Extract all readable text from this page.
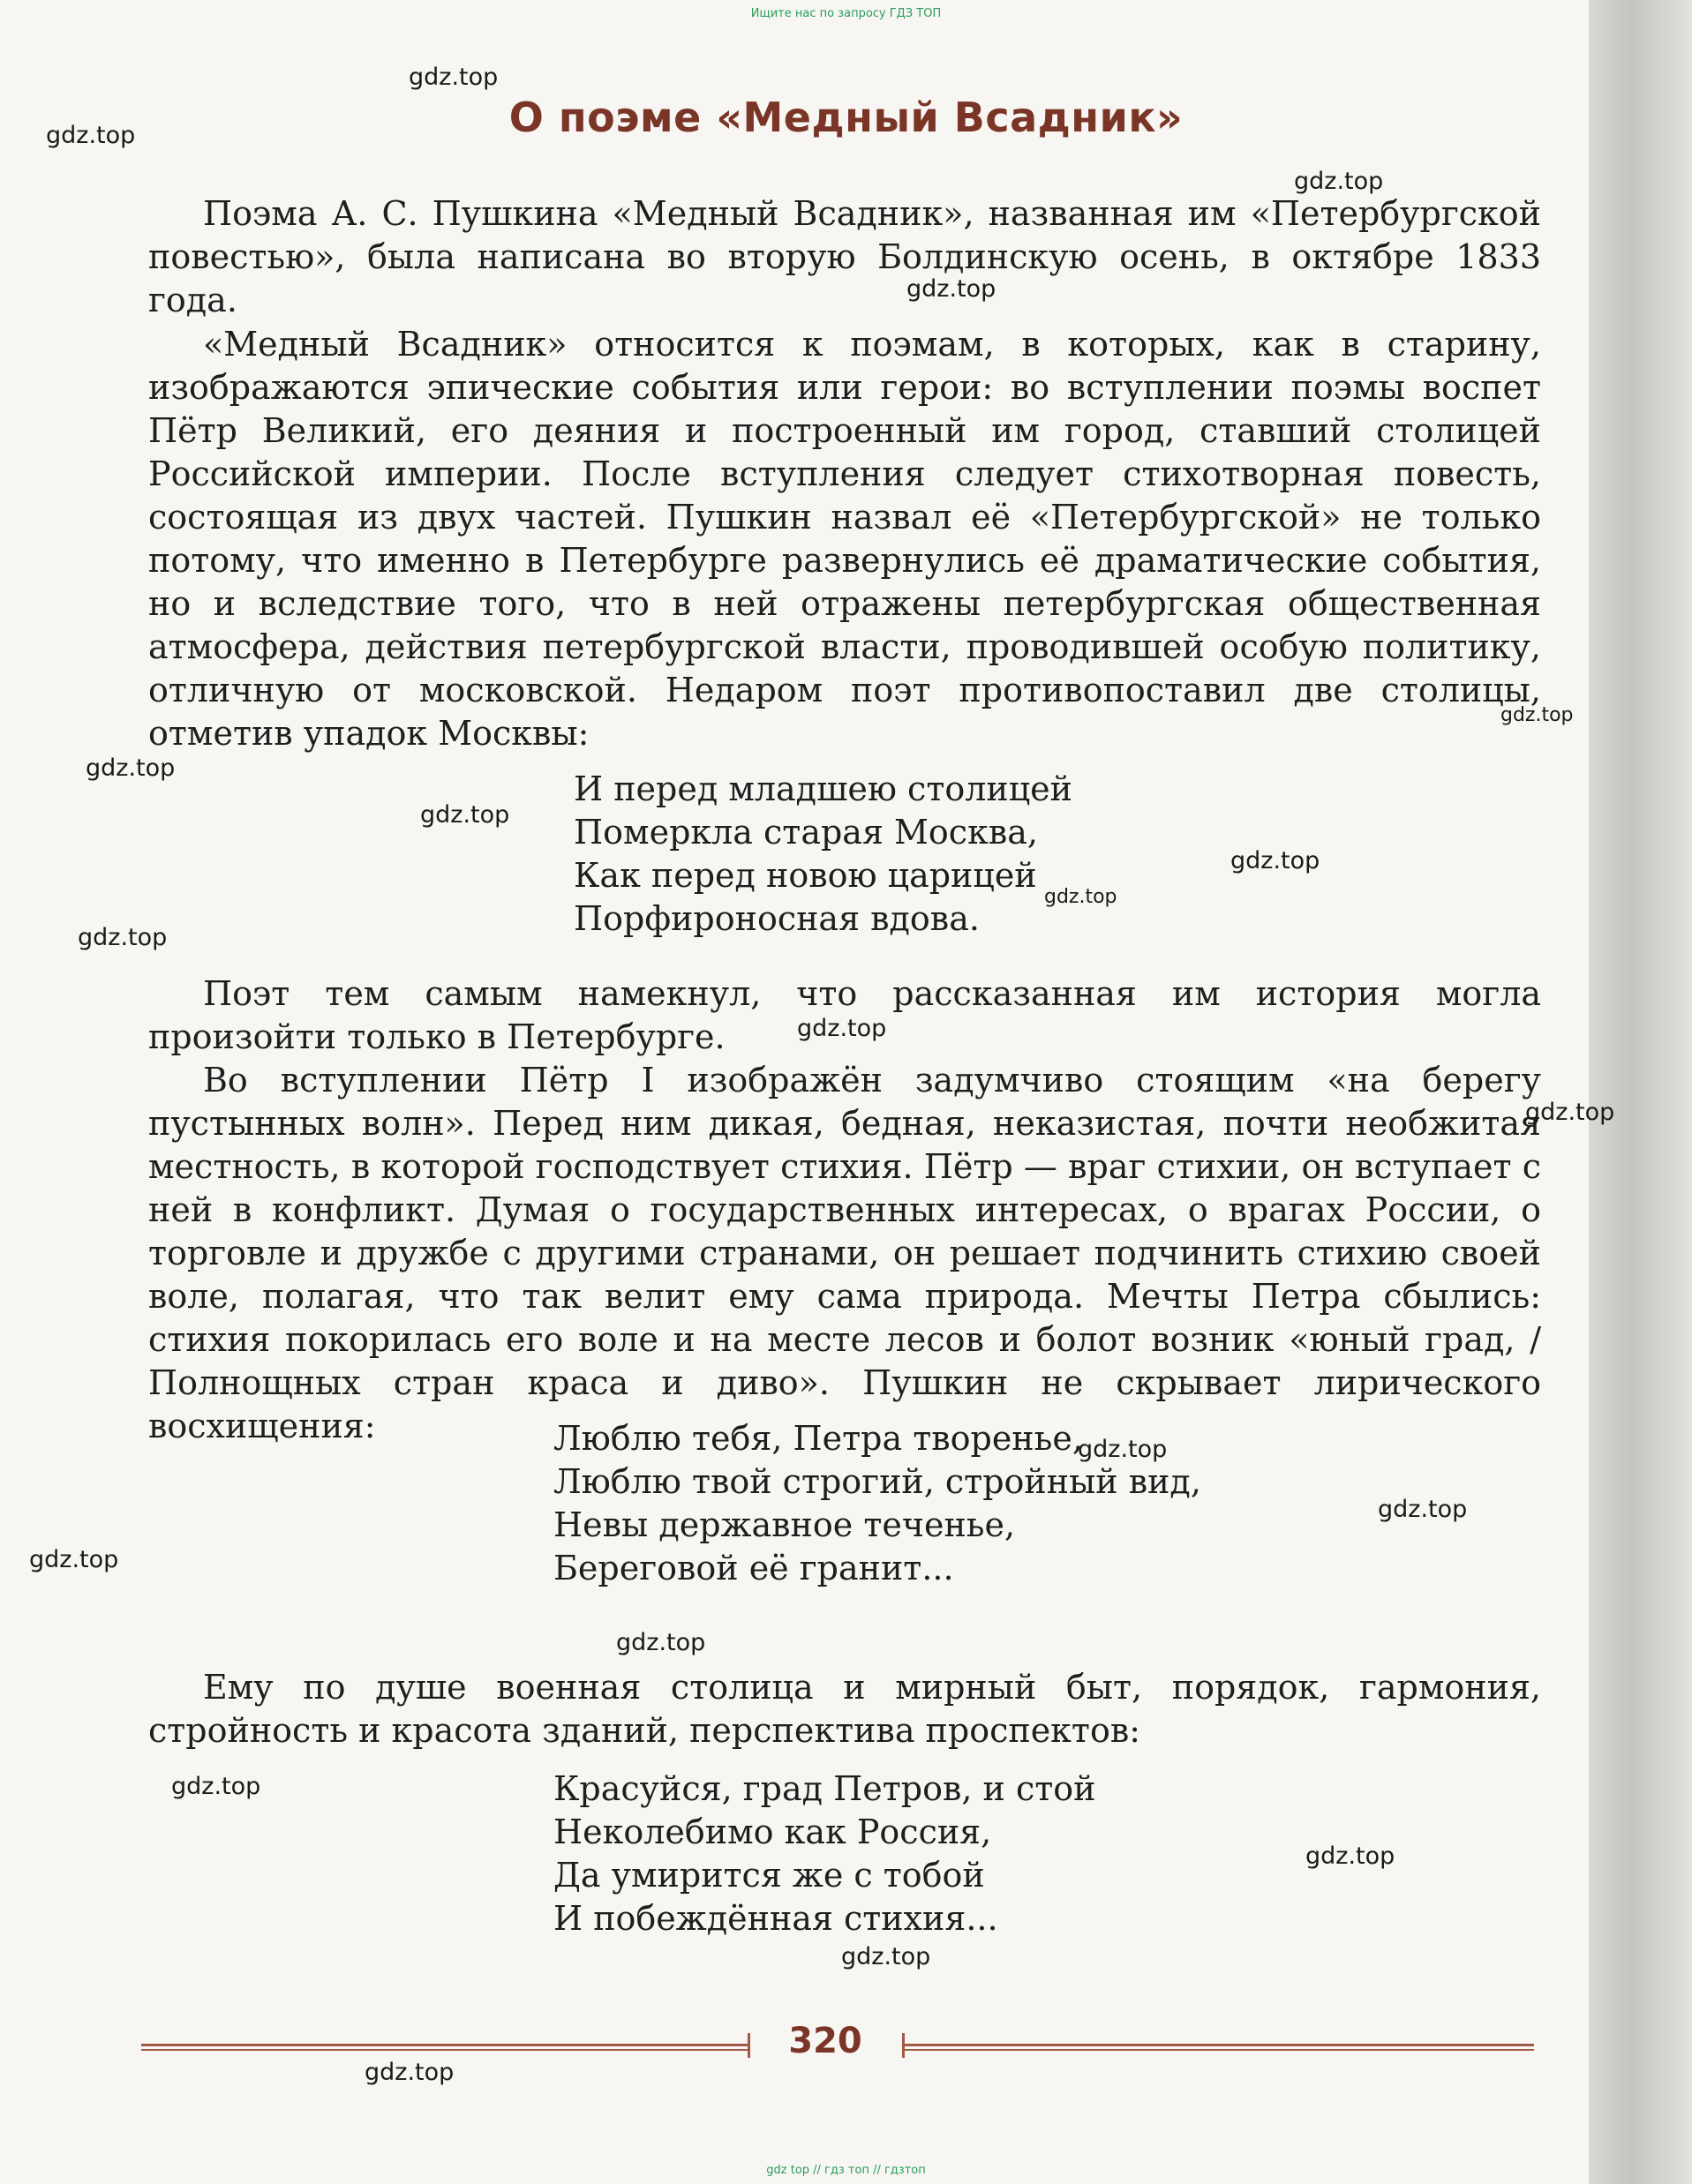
Ищите нас по запросу ГДЗ ТОП
О поэме «Медный Всадник»

Поэма А. С. Пушкина «Медный Всадник», названная им «Петербургской повестью», была написана во вторую Болдинскую осень, в октябре 1833 года.

«Медный Всадник» относится к поэмам, в которых, как в старину, изображаются эпические события или герои: во вступлении поэмы воспет Пётр Великий, его деяния и построенный им город, ставший столицей Российской империи. После вступления следует стихотворная повесть, состоящая из двух частей. Пушкин назвал её «Петербургской» не только потому, что именно в Петербурге развернулись её драматические события, но и вследствие того, что в ней отражены петербургская общественная атмосфера, действия петербургской власти, проводившей особую политику, отличную от московской. Недаром поэт противопоставил две столицы, отметив упадок Москвы:

И перед младшею столицей
Померкла старая Москва,
Как перед новою царицей
Порфироносная вдова.

Поэт тем самым намекнул, что рассказанная им история могла произойти только в Петербурге.

Во вступлении Пётр I изображён задумчиво стоящим «на берегу пустынных волн». Перед ним дикая, бедная, неказистая, почти необжитая местность, в которой господствует стихия. Пётр — враг стихии, он вступает с ней в конфликт. Думая о государственных интересах, о врагах России, о торговле и дружбе с другими странами, он решает подчинить стихию своей воле, полагая, что так велит ему сама природа. Мечты Петра сбылись: стихия покорилась его воле и на месте лесов и болот возник «юный град, / Полнощных стран краса и диво». Пушкин не скрывает лирического восхищения:	Люблю тебя, Петра творенье,
Люблю твой строгий, стройный вид,
Невы державное теченье,
Береговой её гранит...

Ему по душе военная столица и мирный быт, порядок, гармония, стройность и красота зданий, перспектива проспектов:

Красуйся, град Петров, и стой
Неколебимо как Россия,
Да умирится же с тобой
И побеждённая стихия...
320
gdz top // гдз топ // гдзтоп
gdz.top
gdz.top
gdz.top
gdz.top
gdz.top
gdz.top
gdz.top
gdz.top
gdz.top
gdz.top
gdz.top
gdz.top
gdz.top
gdz.top
gdz.top
gdz.top
gdz.top
gdz.top
gdz.top
gdz.top
